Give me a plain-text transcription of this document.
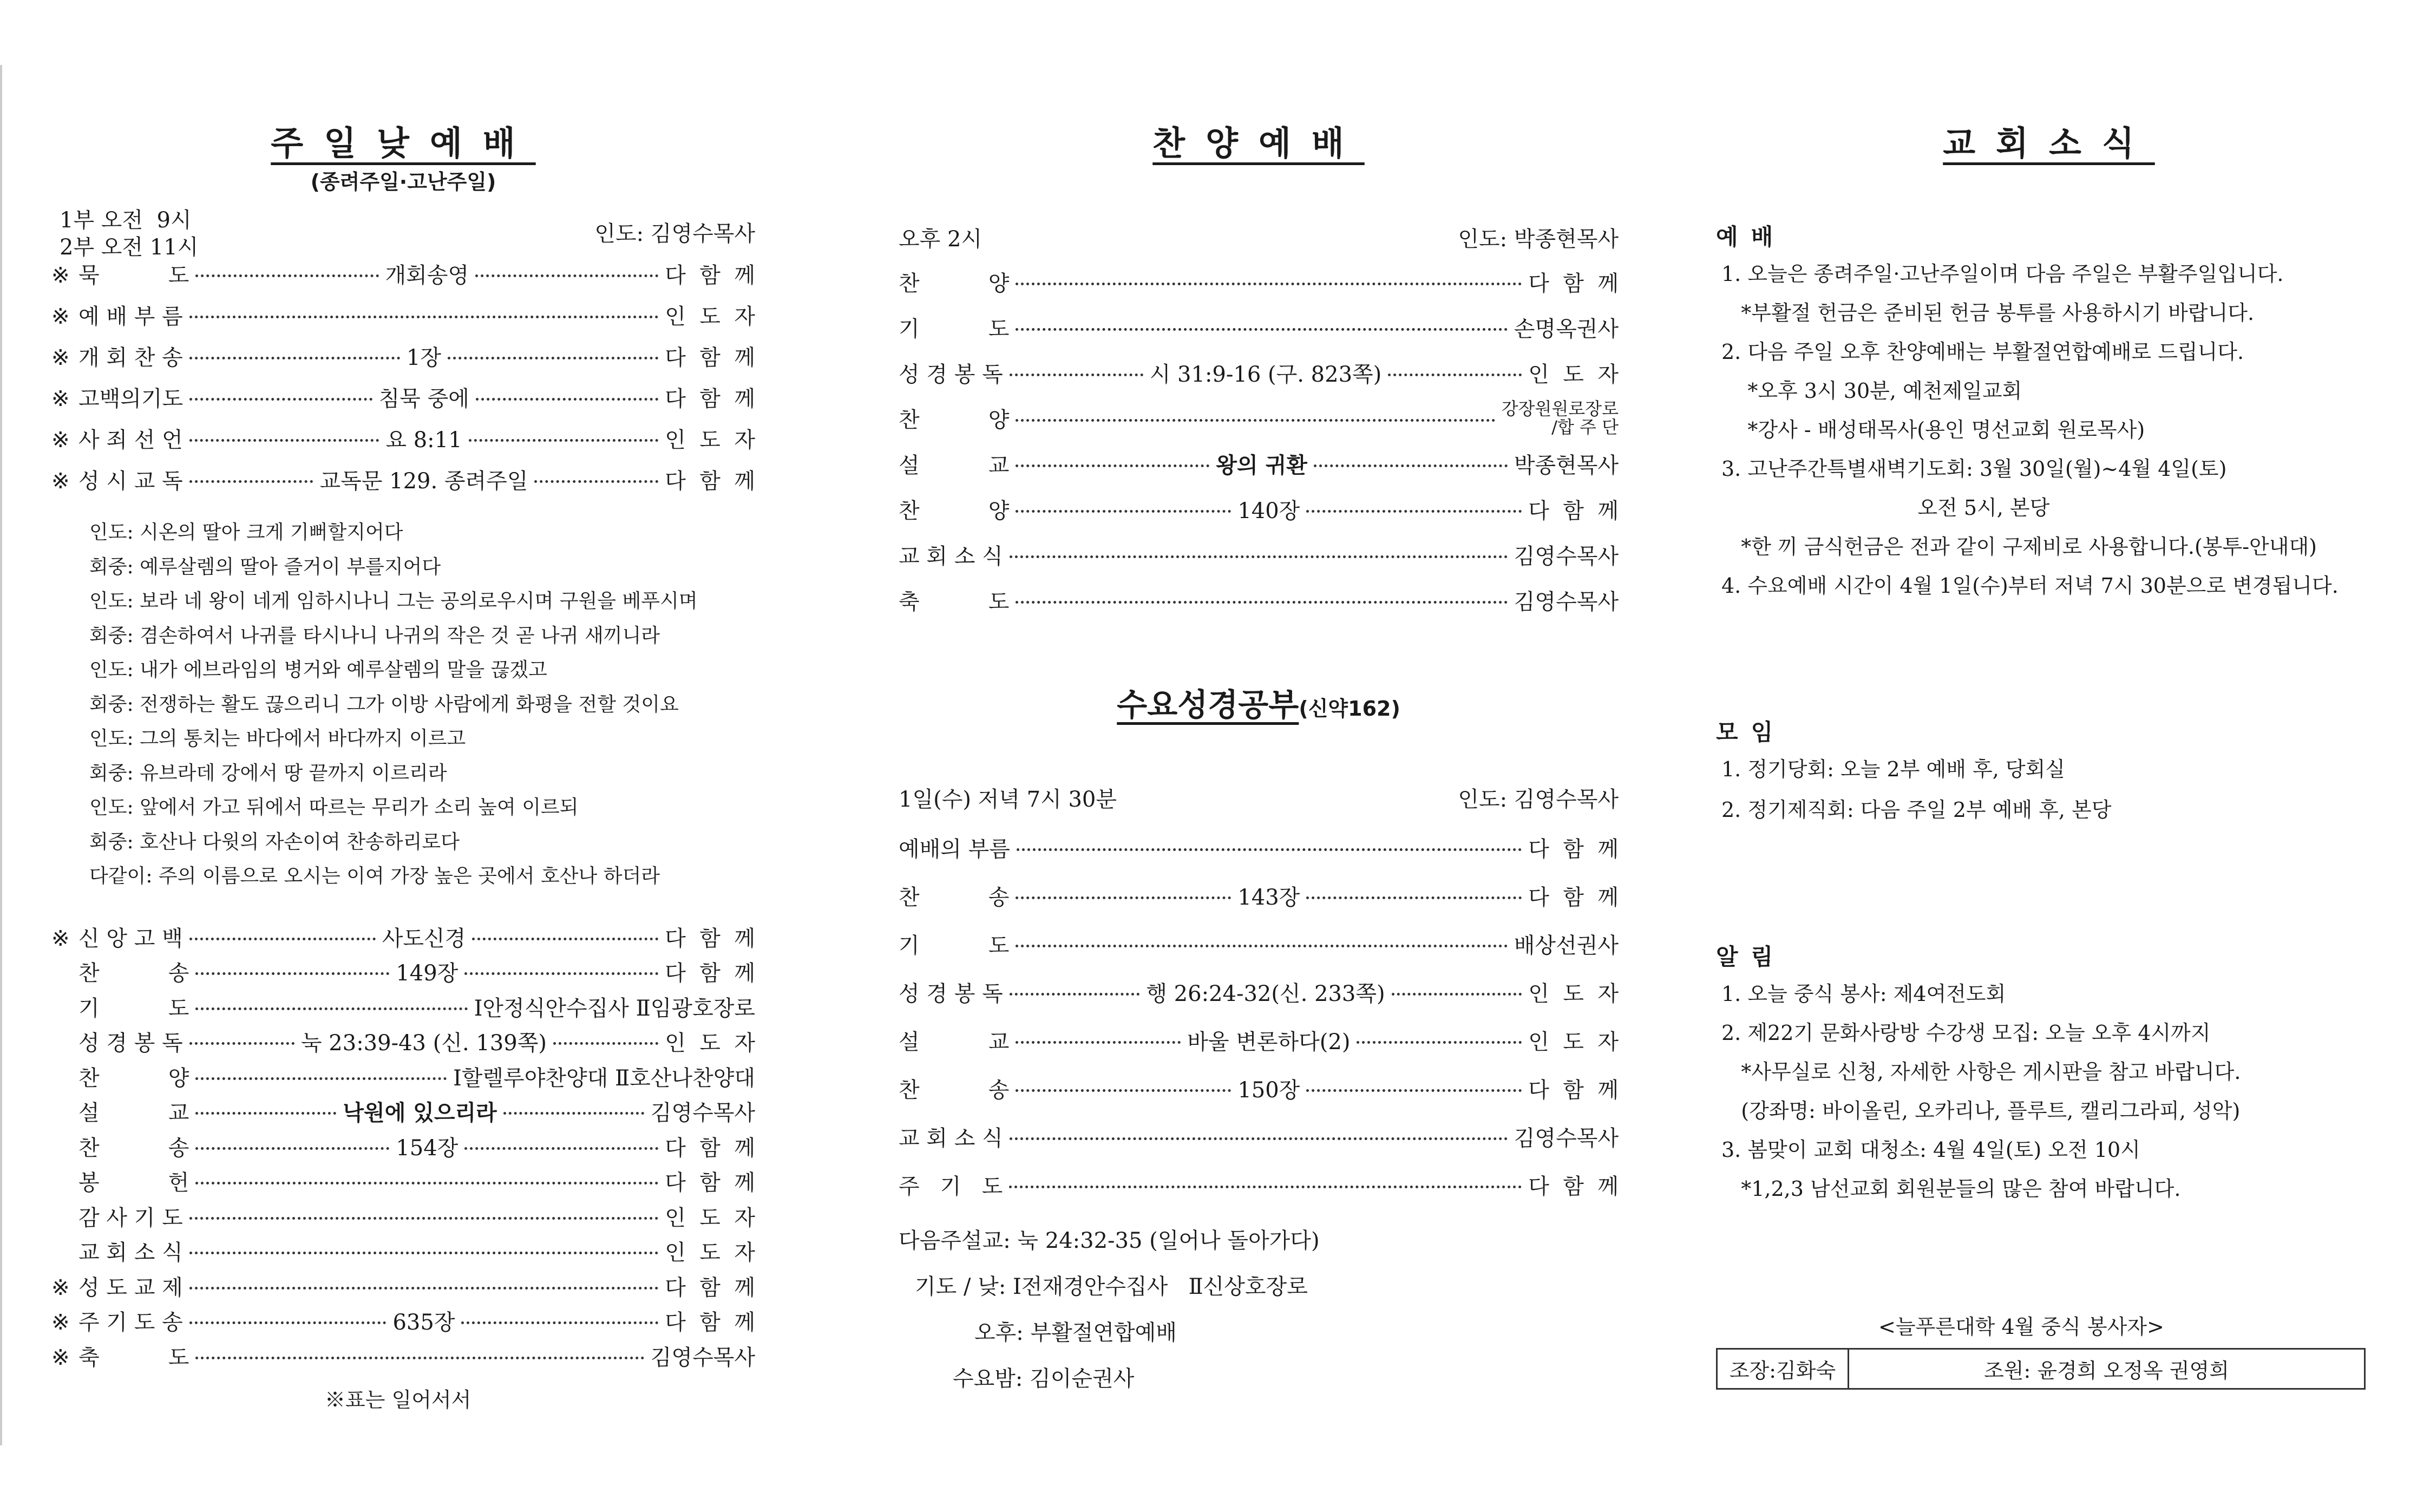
주일낮예배
(종려주일·고난주일)
1부 오전  9시
2부 오전 11시
인도: 김영수목사
※ 묵          도	개회송영	다  함  께
※ 예 배 부 름	인  도  자
※ 개 회 찬 송	1장	다  함  께
※ 고백의기도	침묵 중에	다  함  께
※ 사 죄 선 언	요 8:11	인  도  자
※ 성 시 교 독	교독문 129. 종려주일	다  함  께
인도: 시온의 딸아 크게 기뻐할지어다
회중: 예루살렘의 딸아 즐거이 부를지어다
인도: 보라 네 왕이 네게 임하시나니 그는 공의로우시며 구원을 베푸시며
회중: 겸손하여서 나귀를 타시나니 나귀의 작은 것 곧 나귀 새끼니라
인도: 내가 에브라임의 병거와 예루살렘의 말을 끊겠고
회중: 전쟁하는 활도 끊으리니 그가 이방 사람에게 화평을 전할 것이요
인도: 그의 통치는 바다에서 바다까지 이르고
회중: 유브라데 강에서 땅 끝까지 이르리라
인도: 앞에서 가고 뒤에서 따르는 무리가 소리 높여 이르되
회중: 호산나 다윗의 자손이여 찬송하리로다
다같이: 주의 이름으로 오시는 이여 가장 높은 곳에서 호산나 하더라
※ 신 앙 고 백	사도신경	다  함  께
찬          송	149장	다  함  께
기          도	Ⅰ안정식안수집사 Ⅱ임광호장로
성 경 봉 독	눅 23:39-43 (신. 139쪽)	인  도  자
찬          양	Ⅰ할렐루야찬양대 Ⅱ호산나찬양대
설          교	낙원에 있으리라	김영수목사
찬          송	154장	다  함  께
봉          헌	다  함  께
감 사 기 도	인  도  자
교 회 소 식	인  도  자
※ 성 도 교 제	다  함  께
※ 주 기 도 송	635장	다  함  께
※ 축          도	김영수목사
※표는 일어서서
찬양예배
오후 2시	인도: 박종현목사
찬          양	다  함  께
기          도	손명옥권사
성 경 봉 독	시 31:9-16 (구. 823쪽)	인  도  자
찬          양	강장원원로장로
/합 주 단
설          교	왕의 귀환	박종현목사
찬          양	140장	다  함  께
교 회 소 식	김영수목사
축          도	김영수목사
수요성경공부(신약162)
1일(수) 저녁 7시 30분	인도: 김영수목사
예배의 부름	다  함  께
찬          송	143장	다  함  께
기          도	배상선권사
성 경 봉 독	행 26:24-32(신. 233쪽)	인  도  자
설          교	바울 변론하다(2)	인  도  자
찬          송	150장	다  함  께
교 회 소 식	김영수목사
주   기   도	다  함  께
다음주설교: 눅 24:32-35 (일어나 돌아가다)
기도 / 낮: Ⅰ전재경안수집사   Ⅱ신상호장로
오후: 부활절연합예배
수요밤: 김이순권사
교회소식
예배
1. 오늘은 종려주일·고난주일이며 다음 주일은 부활주일입니다.
*부활절 헌금은 준비된 헌금 봉투를 사용하시기 바랍니다.
2. 다음 주일 오후 찬양예배는 부활절연합예배로 드립니다.
*오후 3시 30분, 예천제일교회
*강사 - 배성태목사(용인 명선교회 원로목사)
3. 고난주간특별새벽기도회: 3월 30일(월)~4월 4일(토)
오전 5시, 본당
*한 끼 금식헌금은 전과 같이 구제비로 사용합니다.(봉투-안내대)
4. 수요예배 시간이 4월 1일(수)부터 저녁 7시 30분으로 변경됩니다.
모임
1. 정기당회: 오늘 2부 예배 후, 당회실
2. 정기제직회: 다음 주일 2부 예배 후, 본당
알림
1. 오늘 중식 봉사: 제4여전도회
2. 제22기 문화사랑방 수강생 모집: 오늘 오후 4시까지
*사무실로 신청, 자세한 사항은 게시판을 참고 바랍니다.
(강좌명: 바이올린, 오카리나, 플루트, 캘리그라피, 성악)
3. 봄맞이 교회 대청소: 4월 4일(토) 오전 10시
*1,2,3 남선교회 회원분들의 많은 참여 바랍니다.
<늘푸른대학 4월 중식 봉사자>
조장:김화숙	조원: 윤경희 오정옥 권영희
